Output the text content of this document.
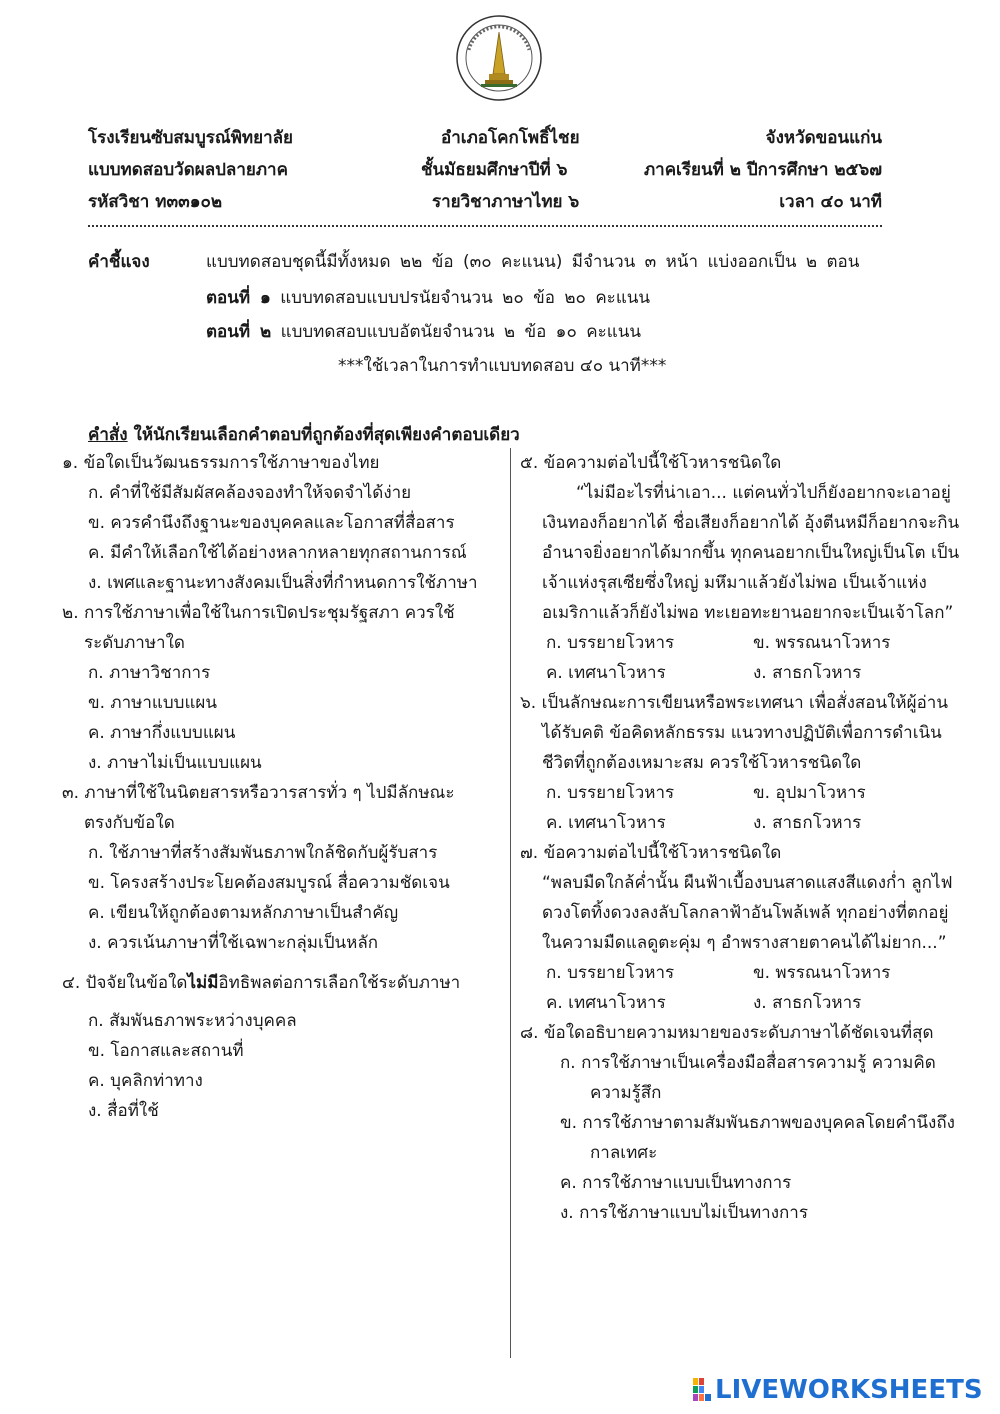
โรงเรียนซับสมบูรณ์พิทยาลัย	อำเภอโคกโพธิ์ไชย	จังหวัดขอนแก่น
แบบทดสอบวัดผลปลายภาค	ชั้นมัธยมศึกษาปีที่ ๖	ภาคเรียนที่ ๒ ปีการศึกษา ๒๕๖๗
รหัสวิชา ท๓๓๑๐๒	รายวิชาภาษาไทย ๖	เวลา ๔๐ นาที
คำชี้แจง	แบบทดสอบชุดนี้มีทั้งหมด ๒๒ ข้อ (๓๐ คะแนน) มีจำนวน ๓ หน้า แบ่งออกเป็น ๒ ตอน
ตอนที่ ๑ แบบทดสอบแบบปรนัยจำนวน ๒๐ ข้อ ๒๐ คะแนน
ตอนที่ ๒ แบบทดสอบแบบอัตนัยจำนวน ๒ ข้อ ๑๐ คะแนน
***ใช้เวลาในการทำแบบทดสอบ ๔๐ นาที***
คำสั่ง ให้นักเรียนเลือกคำตอบที่ถูกต้องที่สุดเพียงคำตอบเดียว
๑. ข้อใดเป็นวัฒนธรรมการใช้ภาษาของไทย
ก. คำที่ใช้มีสัมผัสคล้องจองทำให้จดจำได้ง่าย
ข. ควรคำนึงถึงฐานะของบุคคลและโอกาสที่สื่อสาร
ค. มีคำให้เลือกใช้ได้อย่างหลากหลายทุกสถานการณ์
ง. เพศและฐานะทางสังคมเป็นสิ่งที่กำหนดการใช้ภาษา
๒. การใช้ภาษาเพื่อใช้ในการเปิดประชุมรัฐสภา ควรใช้
ระดับภาษาใด
ก. ภาษาวิชาการ
ข. ภาษาแบบแผน
ค. ภาษากึ่งแบบแผน
ง. ภาษาไม่เป็นแบบแผน
๓. ภาษาที่ใช้ในนิตยสารหรือวารสารทั่ว ๆ ไปมีลักษณะ
ตรงกับข้อใด
ก. ใช้ภาษาที่สร้างสัมพันธภาพใกล้ชิดกับผู้รับสาร
ข. โครงสร้างประโยคต้องสมบูรณ์ สื่อความชัดเจน
ค. เขียนให้ถูกต้องตามหลักภาษาเป็นสำคัญ
ง. ควรเน้นภาษาที่ใช้เฉพาะกลุ่มเป็นหลัก
๔. ปัจจัยในข้อใดไม่มีอิทธิพลต่อการเลือกใช้ระดับภาษา
ก. สัมพันธภาพระหว่างบุคคล
ข. โอกาสและสถานที่
ค. บุคลิกท่าทาง
ง. สื่อที่ใช้
๕. ข้อความต่อไปนี้ใช้โวหารชนิดใด
“ไม่มีอะไรที่น่าเอา... แต่คนทั่วไปก็ยังอยากจะเอาอยู่
เงินทองก็อยากได้ ชื่อเสียงก็อยากได้ อุ้งตีนหมีก็อยากจะกิน
อำนาจยิ่งอยากได้มากขึ้น ทุกคนอยากเป็นใหญ่เป็นโต เป็น
เจ้าแห่งรุสเซียซึ่งใหญ่ มหึมาแล้วยังไม่พอ เป็นเจ้าแห่ง
อเมริกาแล้วก็ยังไม่พอ ทะเยอทะยานอยากจะเป็นเจ้าโลก”
ก. บรรยายโวหาร	ข. พรรณนาโวหาร
ค. เทศนาโวหาร	ง. สาธกโวหาร
๖. เป็นลักษณะการเขียนหรือพระเทศนา เพื่อสั่งสอนให้ผู้อ่าน
ได้รับคติ ข้อคิดหลักธรรม แนวทางปฏิบัติเพื่อการดำเนิน
ชีวิตที่ถูกต้องเหมาะสม ควรใช้โวหารชนิดใด
ก. บรรยายโวหาร	ข. อุปมาโวหาร
ค. เทศนาโวหาร	ง. สาธกโวหาร
๗. ข้อความต่อไปนี้ใช้โวหารชนิดใด
“พลบมืดใกล้ค่ำนั้น ผืนฟ้าเบื้องบนสาดแสงสีแดงก่ำ ลูกไฟ
ดวงโตทิ้งดวงลงลับโลกลาฟ้าอันโพล้เพล้ ทุกอย่างที่ตกอยู่
ในความมืดแลดูตะคุ่ม ๆ อำพรางสายตาคนได้ไม่ยาก...”
ก. บรรยายโวหาร	ข. พรรณนาโวหาร
ค. เทศนาโวหาร	ง. สาธกโวหาร
๘. ข้อใดอธิบายความหมายของระดับภาษาได้ชัดเจนที่สุด
ก. การใช้ภาษาเป็นเครื่องมือสื่อสารความรู้ ความคิด
ความรู้สึก
ข. การใช้ภาษาตามสัมพันธภาพของบุคคลโดยคำนึงถึง
กาลเทศะ
ค. การใช้ภาษาแบบเป็นทางการ
ง. การใช้ภาษาแบบไม่เป็นทางการ
LIVEWORKSHEETS
